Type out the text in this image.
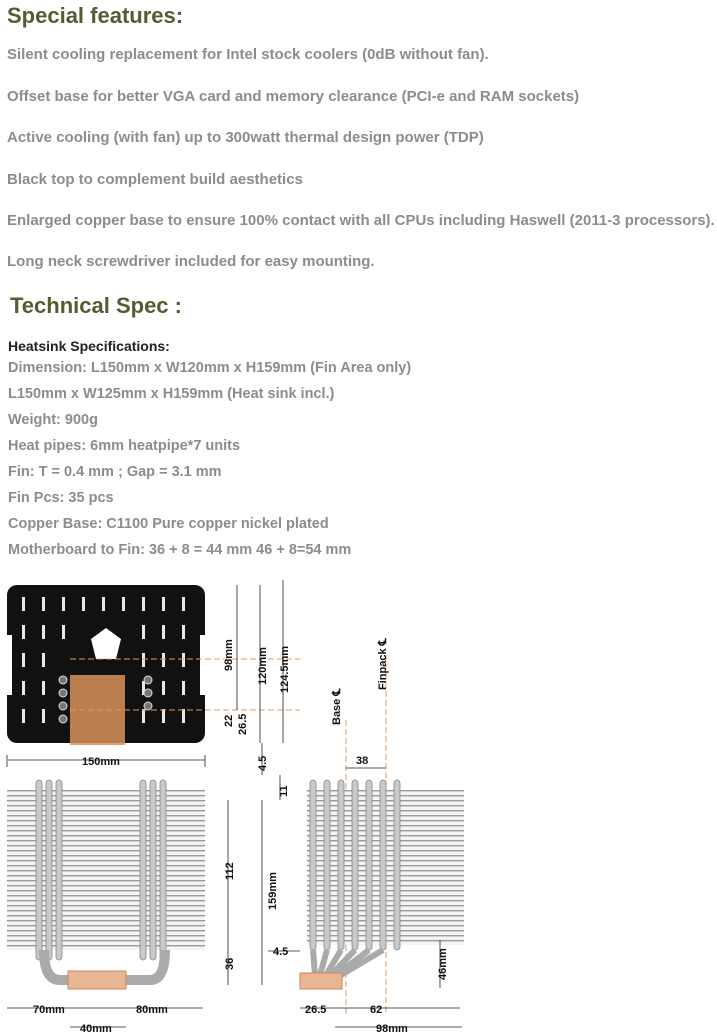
Special features:
Silent cooling replacement for Intel stock coolers (0dB without fan).
Offset base for better VGA card and memory clearance (PCI-e and RAM sockets)
Active cooling (with fan) up to 300watt thermal design power (TDP)
Black top to complement build aesthetics
Enlarged copper base to ensure 100% contact with all CPUs including Haswell (2011-3 processors).
Long neck screwdriver included for easy mounting.
Technical Spec :
Heatsink Specifications:
Dimension: L150mm x W120mm x H159mm (Fin Area only)
L150mm x W125mm x H159mm (Heat sink incl.)
Weight: 900g
Heat pipes: 6mm heatpipe*7 units
Fin: T = 0.4 mm ; Gap = 3.1 mm
Fin Pcs: 35 pcs
Copper Base: C1100 Pure copper nickel plated
Motherboard to Fin: 36 + 8 = 44 mm 46 + 8=54 mm
98mm 120mm 124.5mm
22 26.5
4.5
150mm
Base ℄
Finpack ℄
38
11
112
159mm
36
70mm	80mm
40mm
4.5	46mm
26.5	62
98mm
